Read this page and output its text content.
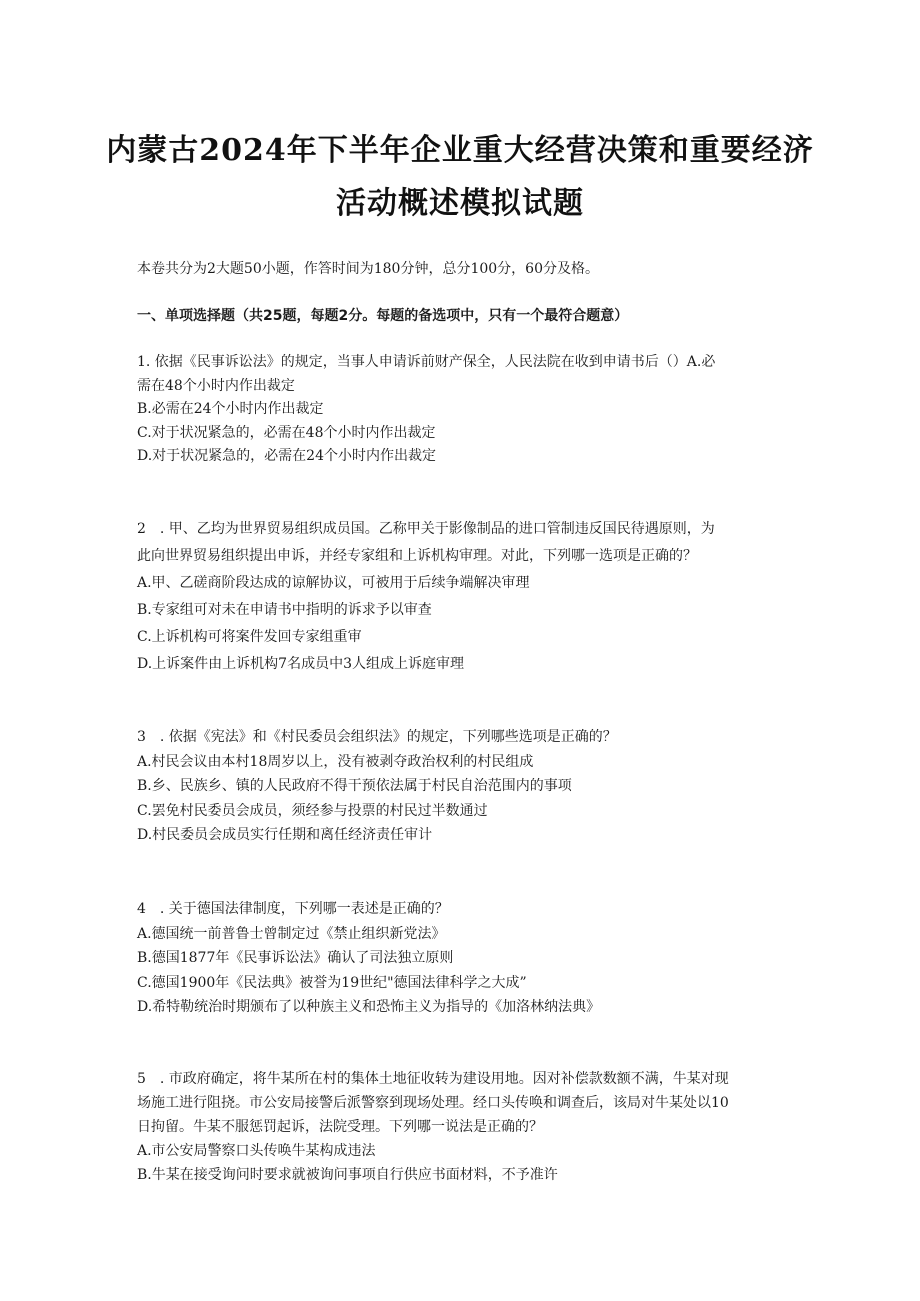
内蒙古2024年下半年企业重大经营决策和重要经济
活动概述模拟试题
本卷共分为2大题50小题，作答时间为180分钟，总分100分，60分及格。
一、单项选择题（共25题，每题2分。每题的备选项中，只有一个最符合题意）
1. 依据《民事诉讼法》的规定，当事人申请诉前财产保全，人民法院在收到申请书后（）A.必
需在48个小时内作出裁定
B.必需在24个小时内作出裁定
C.对于状况紧急的，必需在48个小时内作出裁定
D.对于状况紧急的，必需在24个小时内作出裁定
2　. 甲、乙均为世界贸易组织成员国。乙称甲关于影像制品的进口管制违反国民待遇原则，为
此向世界贸易组织提出申诉，并经专家组和上诉机构审理。对此，下列哪一选项是正确的？
A.甲、乙磋商阶段达成的谅解协议，可被用于后续争端解决审理
B.专家组可对未在申请书中指明的诉求予以审查
C.上诉机构可将案件发回专家组重审
D.上诉案件由上诉机构7名成员中3人组成上诉庭审理
3　. 依据《宪法》和《村民委员会组织法》的规定，下列哪些选项是正确的？
A.村民会议由本村18周岁以上，没有被剥夺政治权利的村民组成
B.乡、民族乡、镇的人民政府不得干预依法属于村民自治范围内的事项
C.罢免村民委员会成员，须经参与投票的村民过半数通过
D.村民委员会成员实行任期和离任经济责任审计
4　. 关于德国法律制度，下列哪一表述是正确的？
A.德国统一前普鲁士曾制定过《禁止组织新党法》
B.德国1877年《民事诉讼法》确认了司法独立原则
C.德国1900年《民法典》被誉为19世纪"德国法律科学之大成”
D.希特勒统治时期颁布了以种族主义和恐怖主义为指导的《加洛林纳法典》
5　. 市政府确定，将牛某所在村的集体土地征收转为建设用地。因对补偿款数额不满，牛某对现
场施工进行阻挠。市公安局接警后派警察到现场处理。经口头传唤和调查后，该局对牛某处以10
日拘留。牛某不服惩罚起诉，法院受理。下列哪一说法是正确的？
A.市公安局警察口头传唤牛某构成违法
B.牛某在接受询问时要求就被询问事项自行供应书面材料，不予准许
